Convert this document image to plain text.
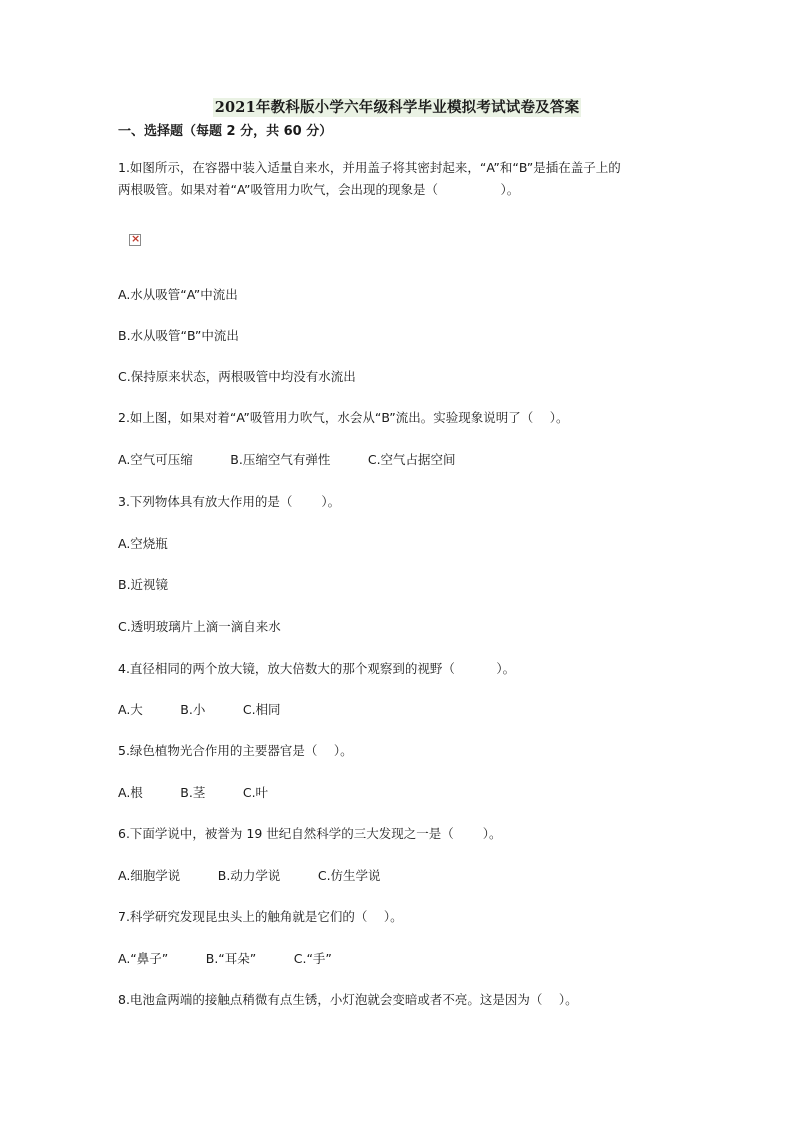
2021年教科版小学六年级科学毕业模拟考试试卷及答案
一、选择题（每题 2 分，共 60 分）
1.如图所示，在容器中装入适量自来水，并用盖子将其密封起来，“A”和“B”是插在盖子上的
两根吸管。如果对着“A”吸管用力吹气，会出现的现象是（　　　　　）。
×
A.水从吸管“A”中流出
B.水从吸管“B”中流出
C.保持原来状态，两根吸管中均没有水流出
2.如上图，如果对着“A”吸管用力吹气，水会从“B”流出。实验现象说明了（　 ）。
A.空气可压缩　　　B.压缩空气有弹性　　　C.空气占据空间
3.下列物体具有放大作用的是（　　 ）。
A.空烧瓶
B.近视镜
C.透明玻璃片上滴一滴自来水
4.直径相同的两个放大镜，放大倍数大的那个观察到的视野（　　　 ）。
A.大　　　B.小　　　C.相同
5.绿色植物光合作用的主要器官是（　 ）。
A.根　　　B.茎　　　C.叶
6.下面学说中，被誉为 19 世纪自然科学的三大发现之一是（　　 ）。
A.细胞学说　　　B.动力学说　　　C.仿生学说
7.科学研究发现昆虫头上的触角就是它们的（　 ）。
A.“鼻子”　　　B.“耳朵”　　　C.“手”
8.电池盒两端的接触点稍微有点生锈，小灯泡就会变暗或者不亮。这是因为（　 ）。
